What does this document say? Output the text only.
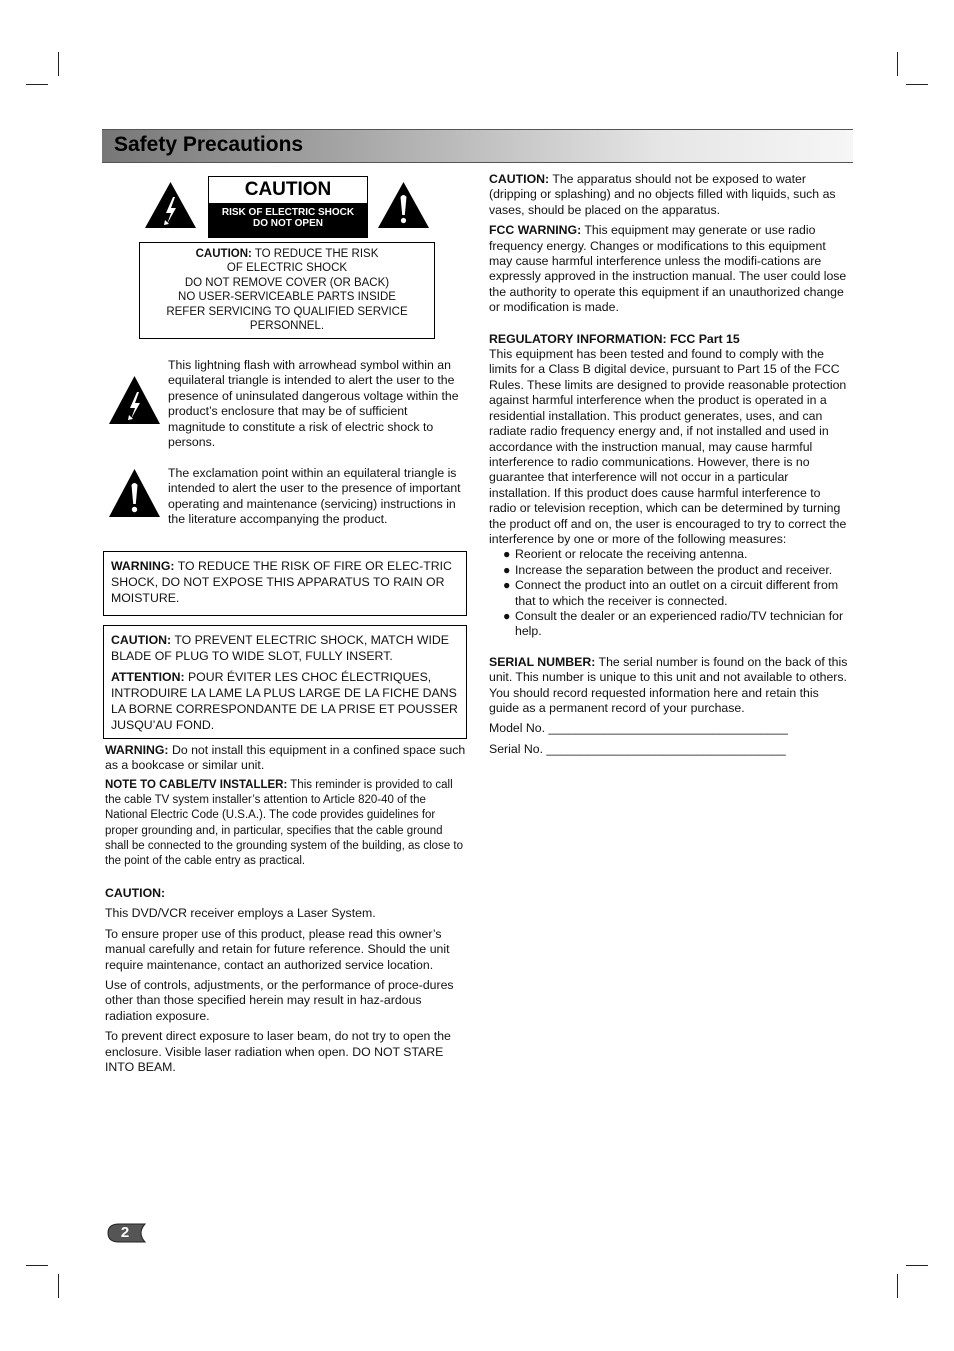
Safety Precautions
CAUTION
RISK OF ELECTRIC SHOCK
DO NOT OPEN
CAUTION: TO REDUCE THE RISK
OF ELECTRIC SHOCK
DO NOT REMOVE COVER (OR BACK)
NO USER-SERVICEABLE PARTS INSIDE
REFER SERVICING TO QUALIFIED SERVICE
PERSONNEL.
This lightning flash with arrowhead symbol within an equilateral triangle is intended to alert the user to the presence of uninsulated dangerous voltage within the product’s enclosure that may be of sufficient magnitude to constitute a risk of electric shock to persons.
The exclamation point within an equilateral triangle is intended to alert the user to the presence of important operating and maintenance (servicing) instructions in the literature accompanying the product.

WARNING: TO REDUCE THE RISK OF FIRE OR ELEC-TRIC SHOCK, DO NOT EXPOSE THIS APPARATUS TO RAIN OR MOISTURE.

CAUTION: TO PREVENT ELECTRIC SHOCK, MATCH WIDE BLADE OF PLUG TO WIDE SLOT, FULLY INSERT.

ATTENTION: POUR ÉVITER LES CHOC ÉLECTRIQUES, INTRODUIRE LA LAME LA PLUS LARGE DE LA FICHE DANS LA BORNE CORRESPONDANTE DE LA PRISE ET POUSSER JUSQU’AU FOND.

WARNING: Do not install this equipment in a confined space such as a bookcase or similar unit.

NOTE TO CABLE/TV INSTALLER: This reminder is provided to call the cable TV system installer’s attention to Article 820-40 of the National Electric Code (U.S.A.). The code provides guidelines for proper grounding and, in particular, specifies that the cable ground shall be connected to the grounding system of the building, as close to the point of the cable entry as practical.

CAUTION:

This DVD/VCR receiver employs a Laser System.

To ensure proper use of this product, please read this owner’s manual carefully and retain for future reference. Should the unit require maintenance, contact an authorized service location.

Use of controls, adjustments, or the performance of proce-dures other than those specified herein may result in haz-ardous radiation exposure.

To prevent direct exposure to laser beam, do not try to open the enclosure. Visible laser radiation when open. DO NOT STARE INTO BEAM.

CAUTION: The apparatus should not be exposed to water (dripping or splashing) and no objects filled with liquids, such as vases, should be placed on the apparatus.

FCC WARNING: This equipment may generate or use radio frequency energy. Changes or modifications to this equipment may cause harmful interference unless the modifi-cations are expressly approved in the instruction manual. The user could lose the authority to operate this equipment if an unauthorized change or modification is made.

REGULATORY INFORMATION: FCC Part 15
This equipment has been tested and found to comply with the limits for a Class B digital device, pursuant to Part 15 of the FCC Rules. These limits are designed to provide reasonable protection against harmful interference when the product is operated in a residential installation. This product generates, uses, and can radiate radio frequency energy and, if not installed and used in accordance with the instruction manual, may cause harmful interference to radio communications. However, there is no guarantee that interference will not occur in a particular installation. If this product does cause harmful interference to radio or television reception, which can be determined by turning the product off and on, the user is encouraged to try to correct the interference by one or more of the following measures:
● Reorient or relocate the receiving antenna.
● Increase the separation between the product and receiver.
● Connect the product into an outlet on a circuit different from that to which the receiver is connected.
● Consult the dealer or an experienced radio/TV technician for help.

SERIAL NUMBER: The serial number is found on the back of this unit. This number is unique to this unit and not available to others. You should record requested information here and retain this guide as a permanent record of your purchase.

Model No. ___________________________________

Serial No. ___________________________________

2
